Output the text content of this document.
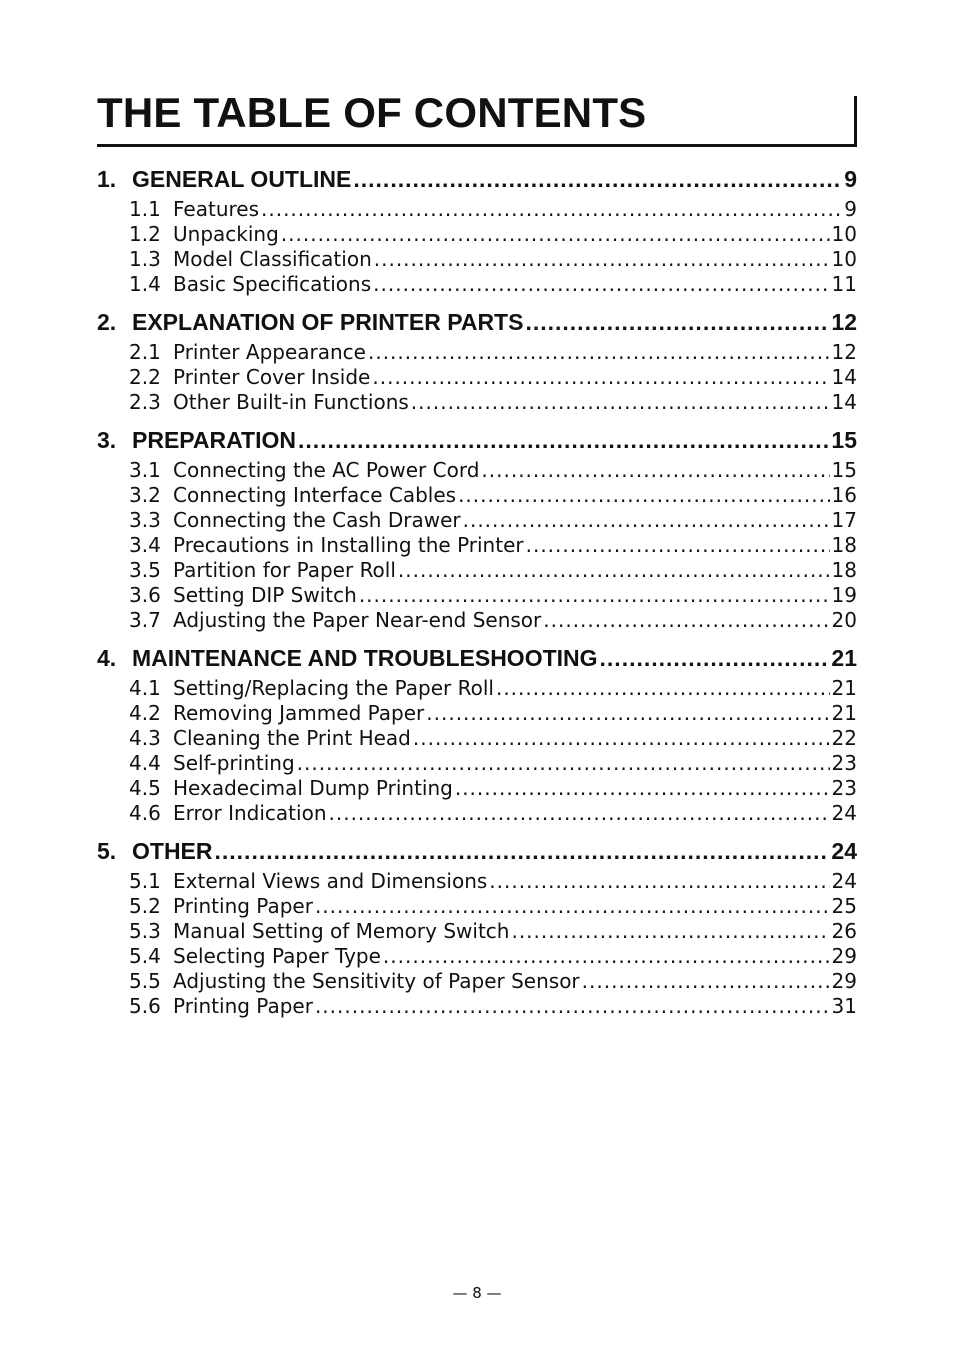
THE TABLE OF CONTENTS
1. GENERAL OUTLINE .....	9
1.1 Features .....	9
1.2 Unpacking .....	10
1.3 Model Classification .....	10
1.4 Basic Specifications .....	11
2. EXPLANATION OF PRINTER PARTS .....	12
2.1 Printer Appearance .....	12
2.2 Printer Cover Inside .....	14
2.3 Other Built-in Functions .....	14
3. PREPARATION .....	15
3.1 Connecting the AC Power Cord .....	15
3.2 Connecting Interface Cables .....	16
3.3 Connecting the Cash Drawer .....	17
3.4 Precautions in Installing the Printer .....	18
3.5 Partition for Paper Roll .....	18
3.6 Setting DIP Switch .....	19
3.7 Adjusting the Paper Near-end Sensor .....	20
4. MAINTENANCE AND TROUBLESHOOTING .....	21
4.1 Setting/Replacing the Paper Roll .....	21
4.2 Removing Jammed Paper .....	21
4.3 Cleaning the Print Head .....	22
4.4 Self-printing .....	23
4.5 Hexadecimal Dump Printing .....	23
4.6 Error Indication .....	24
5. OTHER .....	24
5.1 External Views and Dimensions .....	24
5.2 Printing Paper .....	25
5.3 Manual Setting of Memory Switch .....	26
5.4 Selecting Paper Type .....	29
5.5 Adjusting the Sensitivity of Paper Sensor .....	29
5.6 Printing Paper .....	31
— 8 —
